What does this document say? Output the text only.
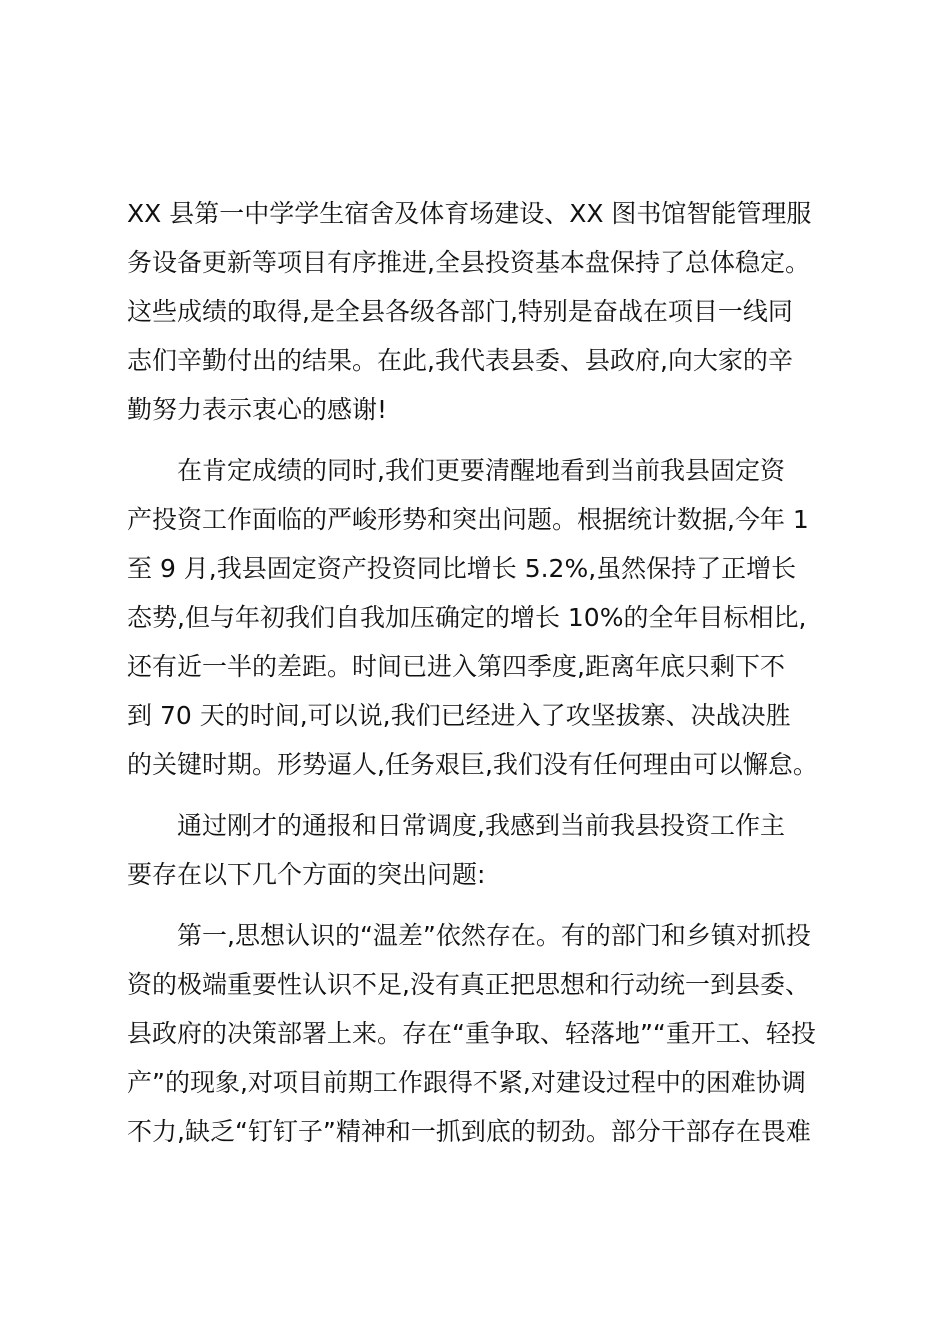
XX 县第一中学学生宿舍及体育场建设、XX 图书馆智能管理服
务设备更新等项目有序推进,全县投资基本盘保持了总体稳定。
这些成绩的取得,是全县各级各部门,特别是奋战在项目一线同
志们辛勤付出的结果。在此,我代表县委、县政府,向大家的辛
勤努力表示衷心的感谢!
在肯定成绩的同时,我们更要清醒地看到当前我县固定资
产投资工作面临的严峻形势和突出问题。根据统计数据,今年 1
至 9 月,我县固定资产投资同比增长 5.2%,虽然保持了正增长
态势,但与年初我们自我加压确定的增长 10%的全年目标相比,
还有近一半的差距。时间已进入第四季度,距离年底只剩下不
到 70 天的时间,可以说,我们已经进入了攻坚拔寨、决战决胜
的关键时期。形势逼人,任务艰巨,我们没有任何理由可以懈怠。
通过刚才的通报和日常调度,我感到当前我县投资工作主
要存在以下几个方面的突出问题:
第一,思想认识的“温差”依然存在。有的部门和乡镇对抓投
资的极端重要性认识不足,没有真正把思想和行动统一到县委、
县政府的决策部署上来。存在“重争取、轻落地”“重开工、轻投
产”的现象,对项目前期工作跟得不紧,对建设过程中的困难协调
不力,缺乏“钉钉子”精神和一抓到底的韧劲。部分干部存在畏难
